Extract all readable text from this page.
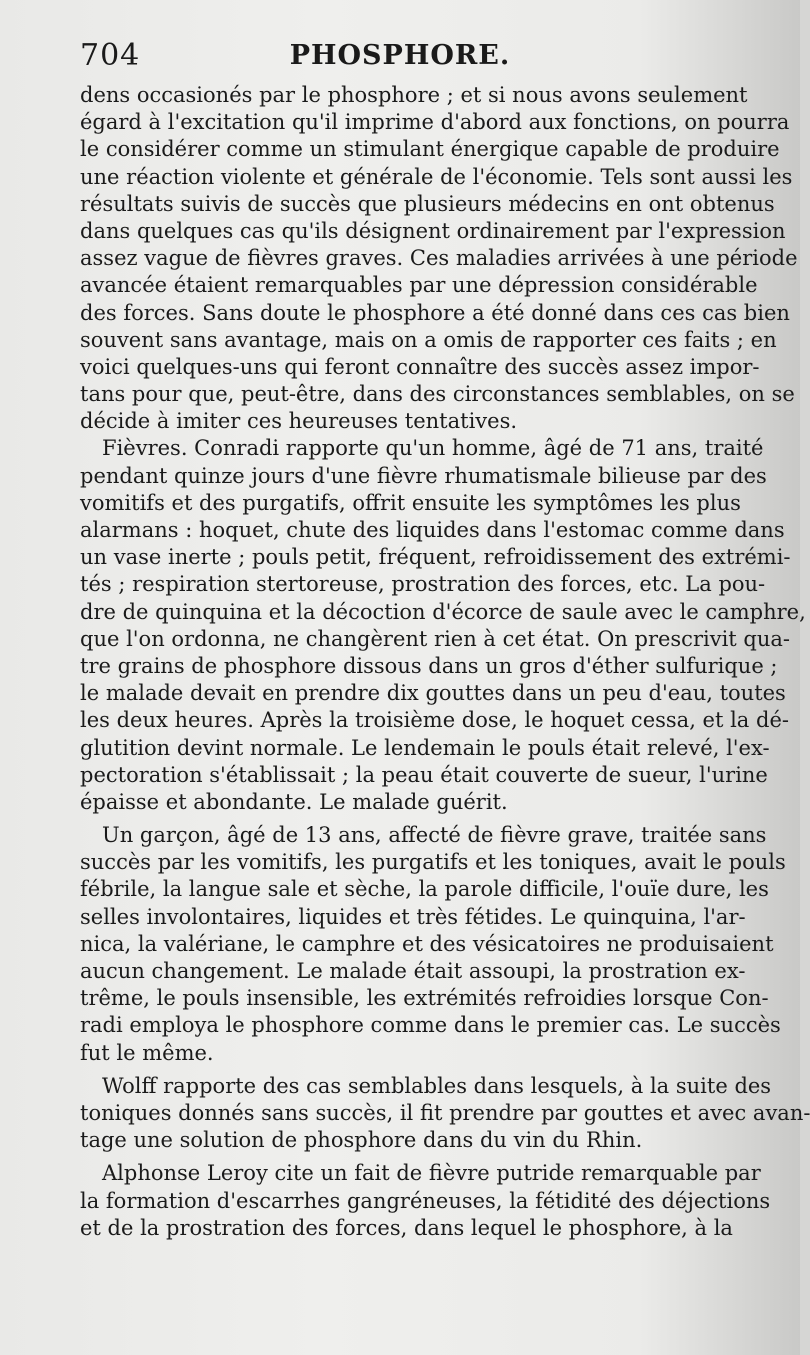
704	PHOSPHORE.
dens occasionés par le phosphore ; et si nous avons seulement
égard à l'excitation qu'il imprime d'abord aux fonctions, on pourra
le considérer comme un stimulant énergique capable de produire
une réaction violente et générale de l'économie. Tels sont aussi les
résultats suivis de succès que plusieurs médecins en ont obtenus
dans quelques cas qu'ils désignent ordinairement par l'expression
assez vague de fièvres graves. Ces maladies arrivées à une période
avancée étaient remarquables par une dépression considérable
des forces. Sans doute le phosphore a été donné dans ces cas bien
souvent sans avantage, mais on a omis de rapporter ces faits ; en
voici quelques-uns qui feront connaître des succès assez impor-
tans pour que, peut-être, dans des circonstances semblables, on se
décide à imiter ces heureuses tentatives.
Fièvres. Conradi rapporte qu'un homme, âgé de 71 ans, traité
pendant quinze jours d'une fièvre rhumatismale bilieuse par des
vomitifs et des purgatifs, offrit ensuite les symptômes les plus
alarmans : hoquet, chute des liquides dans l'estomac comme dans
un vase inerte ; pouls petit, fréquent, refroidissement des extrémi-
tés ; respiration stertoreuse, prostration des forces, etc. La pou-
dre de quinquina et la décoction d'écorce de saule avec le camphre,
que l'on ordonna, ne changèrent rien à cet état. On prescrivit qua-
tre grains de phosphore dissous dans un gros d'éther sulfurique ;
le malade devait en prendre dix gouttes dans un peu d'eau, toutes
les deux heures. Après la troisième dose, le hoquet cessa, et la dé-
glutition devint normale. Le lendemain le pouls était relevé, l'ex-
pectoration s'établissait ; la peau était couverte de sueur, l'urine
épaisse et abondante. Le malade guérit.
Un garçon, âgé de 13 ans, affecté de fièvre grave, traitée sans
succès par les vomitifs, les purgatifs et les toniques, avait le pouls
fébrile, la langue sale et sèche, la parole difficile, l'ouïe dure, les
selles involontaires, liquides et très fétides. Le quinquina, l'ar-
nica, la valériane, le camphre et des vésicatoires ne produisaient
aucun changement. Le malade était assoupi, la prostration ex-
trême, le pouls insensible, les extrémités refroidies lorsque Con-
radi employa le phosphore comme dans le premier cas. Le succès
fut le même.
Wolff rapporte des cas semblables dans lesquels, à la suite des
toniques donnés sans succès, il fit prendre par gouttes et avec avan-
tage une solution de phosphore dans du vin du Rhin.
Alphonse Leroy cite un fait de fièvre putride remarquable par
la formation d'escarrhes gangréneuses, la fétidité des déjections
et de la prostration des forces, dans lequel le phosphore, à la
